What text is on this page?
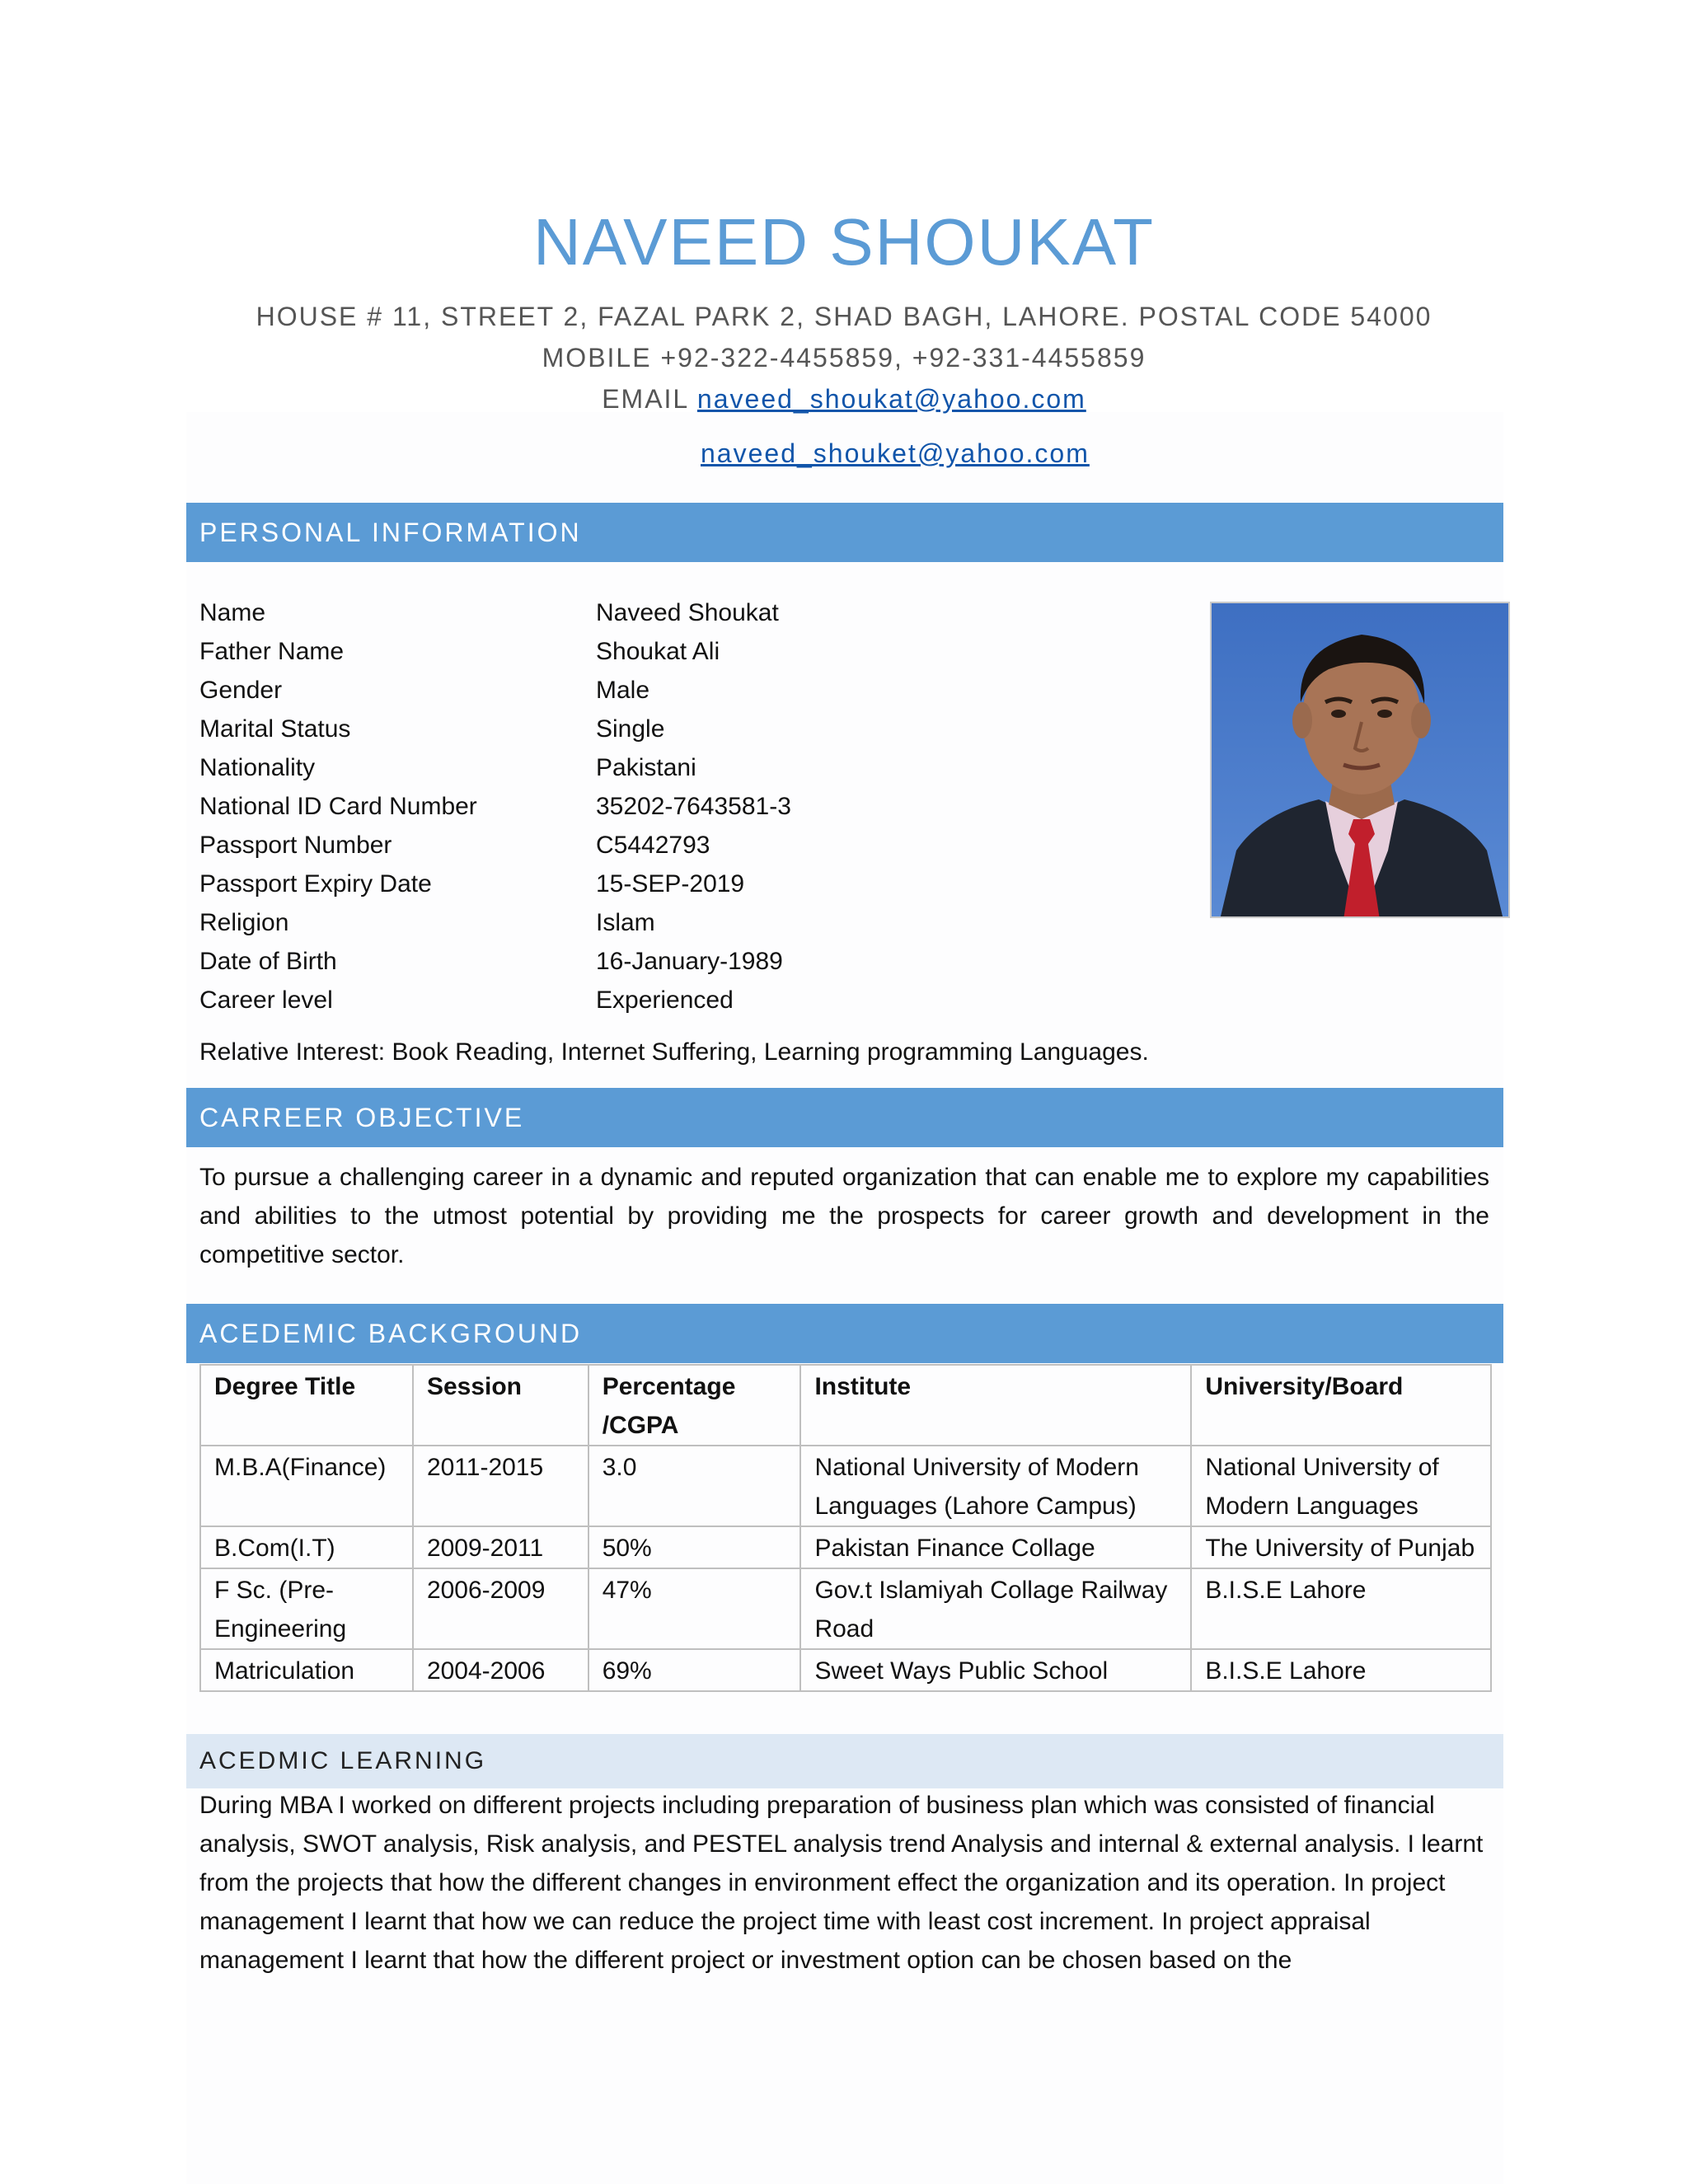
NAVEED SHOUKAT
HOUSE # 11, STREET 2, FAZAL PARK 2, SHAD BAGH, LAHORE. POSTAL CODE 54000
MOBILE +92-322-4455859, +92-331-4455859
EMAIL naveed_shoukat@yahoo.com
naveed_shouket@yahoo.com
PERSONAL INFORMATION
Name	Naveed Shoukat
Father Name	Shoukat Ali
Gender	Male
Marital Status	Single
Nationality	Pakistani
National ID Card Number	35202-7643581-3
Passport Number	C5442793
Passport Expiry Date	15-SEP-2019
Religion	Islam
Date of Birth	16-January-1989
Career level	Experienced
Relative Interest: Book Reading, Internet Suffering, Learning programming Languages.
CARREER OBJECTIVE
To pursue a challenging career in a dynamic and reputed organization that can enable me to explore my capabilities and abilities to the utmost potential by providing me the prospects for career growth and development in the competitive sector.
ACEDEMIC BACKGROUND
Degree Title	Session	Percentage /CGPA	Institute	University/Board
M.B.A(Finance)	2011-2015	3.0	National University of Modern Languages (Lahore Campus)	National University of Modern Languages
B.Com(I.T)	2009-2011	50%	Pakistan Finance Collage	The University of Punjab
F Sc. (Pre-Engineering	2006-2009	47%	Gov.t Islamiyah Collage Railway Road	B.I.S.E Lahore
Matriculation	2004-2006	69%	Sweet Ways Public School	B.I.S.E Lahore
ACEDMIC LEARNING
During MBA I worked on different projects including preparation of business plan which was consisted of financial analysis, SWOT analysis, Risk analysis, and PESTEL analysis trend Analysis and internal & external analysis. I learnt from the projects that how the different changes in environment effect the organization and its operation. In project management I learnt that how we can reduce the project time with least cost increment. In project appraisal management I learnt that how the different project or investment option can be chosen based on the
